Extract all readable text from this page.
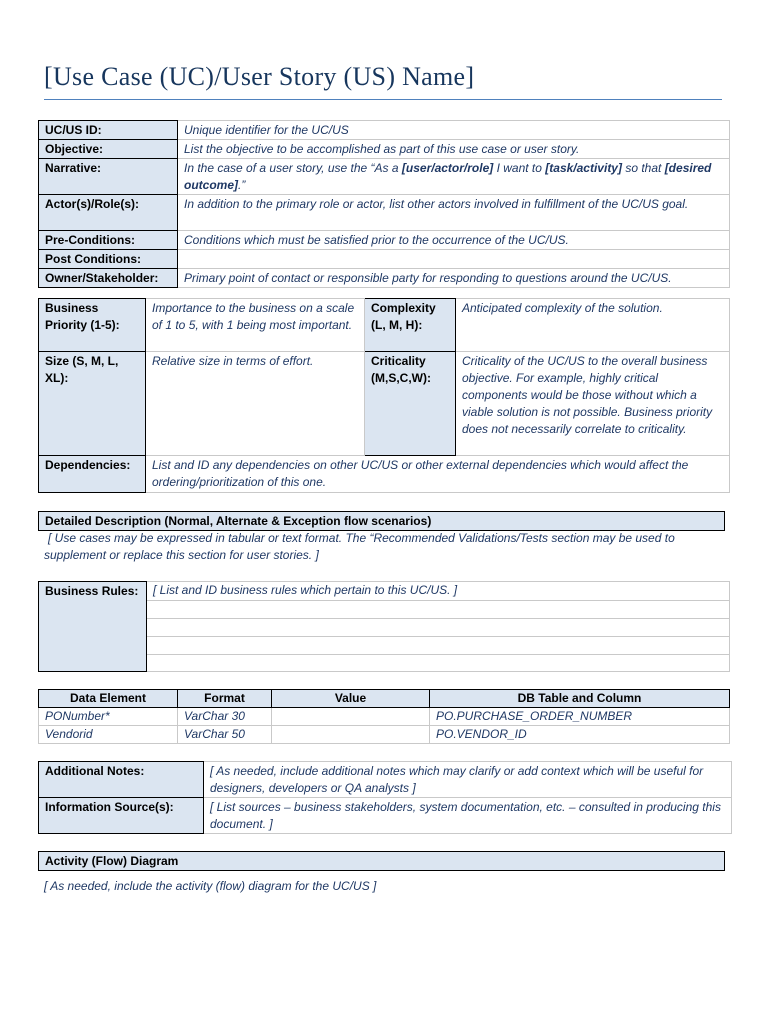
[Use Case (UC)/User Story (US) Name]
UC/US ID:	Unique identifier for the UC/US
Objective:	List the objective to be accomplished as part of this use case or user story.
Narrative:	In the case of a user story, use the “As a [user/actor/role] I want to [task/activity] so that [desired outcome].”
Actor(s)/Role(s):	In addition to the primary role or actor, list other actors involved in fulfillment of the UC/US goal.
Pre-Conditions:	Conditions which must be satisfied prior to the occurrence of the UC/US.
Post Conditions:	
Owner/Stakeholder:	Primary point of contact or responsible party for responding to questions around the UC/US.
Business Priority (1-5):	Importance to the business on a scale of 1 to 5, with 1 being most important.	Complexity (L, M, H):	Anticipated complexity of the solution.
Size (S, M, L, XL):	Relative size in terms of effort.	Criticality (M,S,C,W):	Criticality of the UC/US to the overall business objective. For example, highly critical components would be those without which a viable solution is not possible. Business priority does not necessarily correlate to criticality.
Dependencies:	List and ID any dependencies on other UC/US or other external dependencies which would affect the ordering/prioritization of this one.		
Detailed Description (Normal, Alternate & Exception flow scenarios)
[ Use cases may be expressed in tabular or text format. The “Recommended Validations/Tests section may be used to supplement or replace this section for user stories. ]
Business Rules:	[ List and ID business rules which pertain to this UC/US. ]

Data Element	Format	Value	DB Table and Column
PONumber*	VarChar 30		PO.PURCHASE_ORDER_NUMBER
Vendorid	VarChar 50		PO.VENDOR_ID
Additional Notes:	[ As needed, include additional notes which may clarify or add context which will be useful for designers, developers or QA analysts ]
Information Source(s):	[ List sources – business stakeholders, system documentation, etc. – consulted in producing this document. ]
Activity (Flow) Diagram
[ As needed, include the activity (flow) diagram for the UC/US ]
